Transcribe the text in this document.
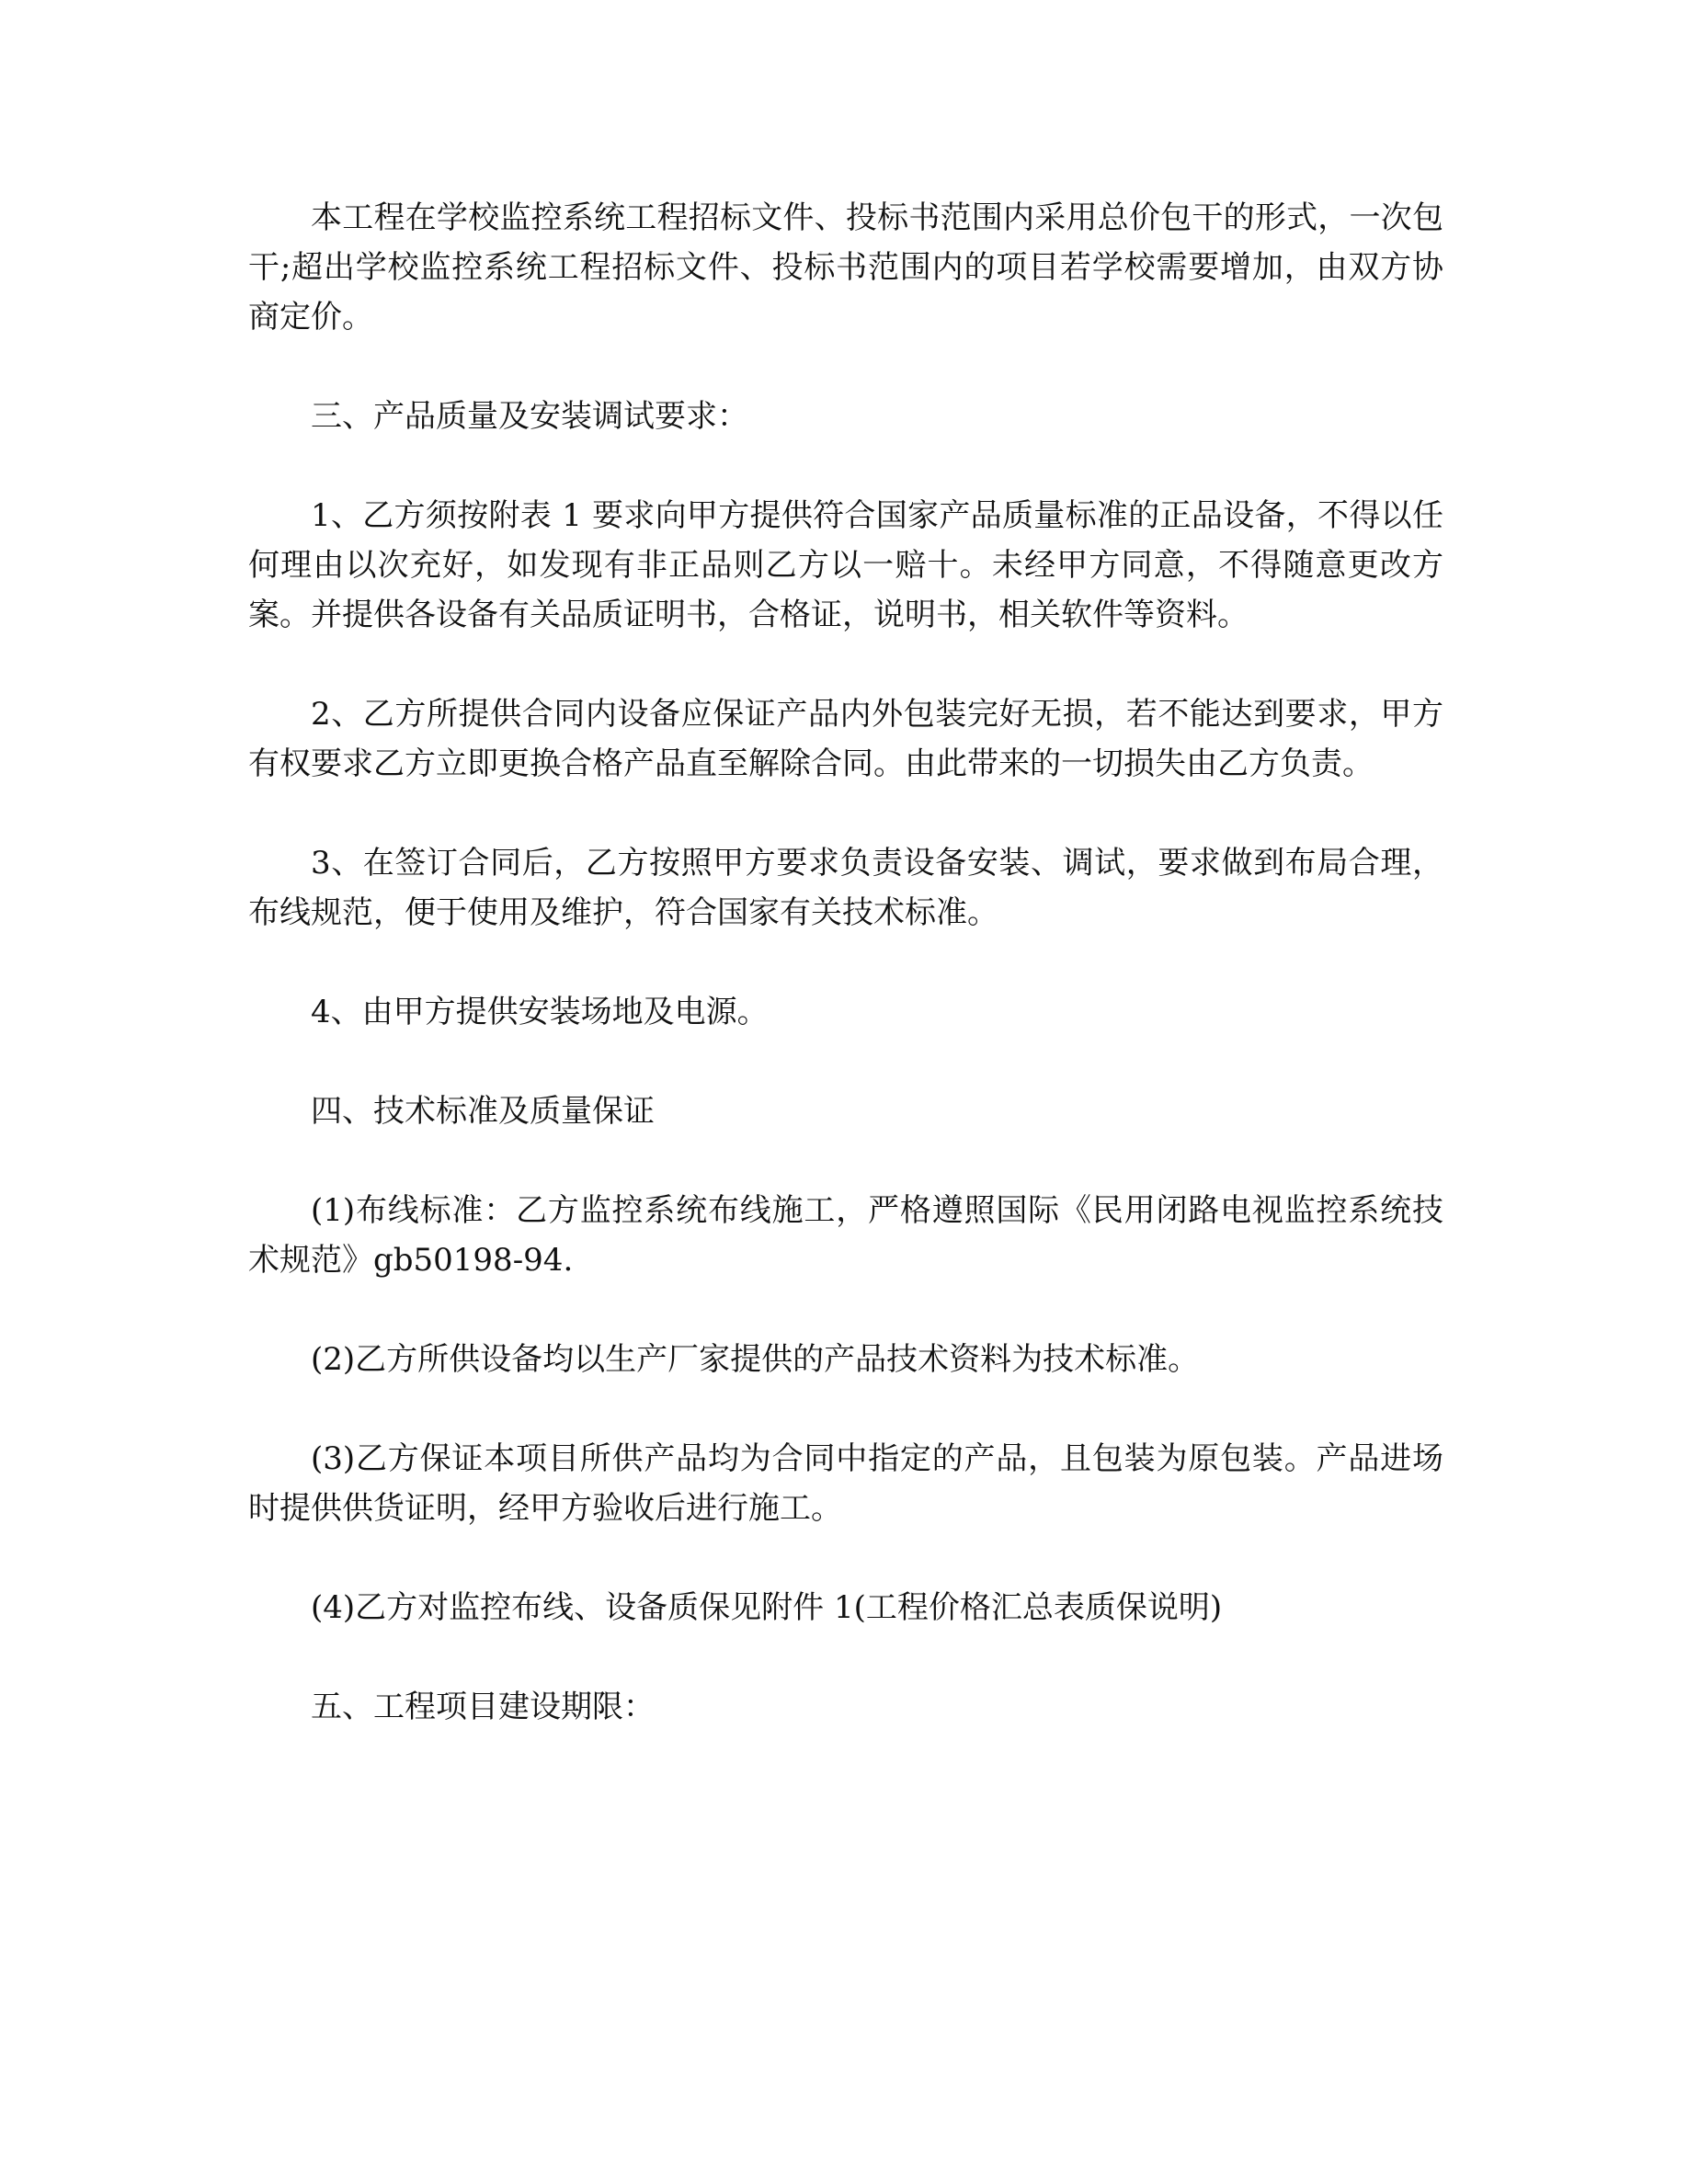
本工程在学校监控系统工程招标文件、投标书范围内采用总价包干的形式，一次包干;超出学校监控系统工程招标文件、投标书范围内的项目若学校需要增加，由双方协商定价。

三、产品质量及安装调试要求：

1、乙方须按附表 1 要求向甲方提供符合国家产品质量标准的正品设备，不得以任何理由以次充好，如发现有非正品则乙方以一赔十。未经甲方同意，不得随意更改方案。并提供各设备有关品质证明书，合格证，说明书，相关软件等资料。

2、乙方所提供合同内设备应保证产品内外包装完好无损，若不能达到要求，甲方有权要求乙方立即更换合格产品直至解除合同。由此带来的一切损失由乙方负责。

3、在签订合同后，乙方按照甲方要求负责设备安装、调试，要求做到布局合理，布线规范，便于使用及维护，符合国家有关技术标准。

4、由甲方提供安装场地及电源。

四、技术标准及质量保证

(1)布线标准：乙方监控系统布线施工，严格遵照国际《民用闭路电视监控系统技术规范》gb50198-94.

(2)乙方所供设备均以生产厂家提供的产品技术资料为技术标准。

(3)乙方保证本项目所供产品均为合同中指定的产品，且包装为原包装。产品进场时提供供货证明，经甲方验收后进行施工。

(4)乙方对监控布线、设备质保见附件 1(工程价格汇总表质保说明)

五、工程项目建设期限：
